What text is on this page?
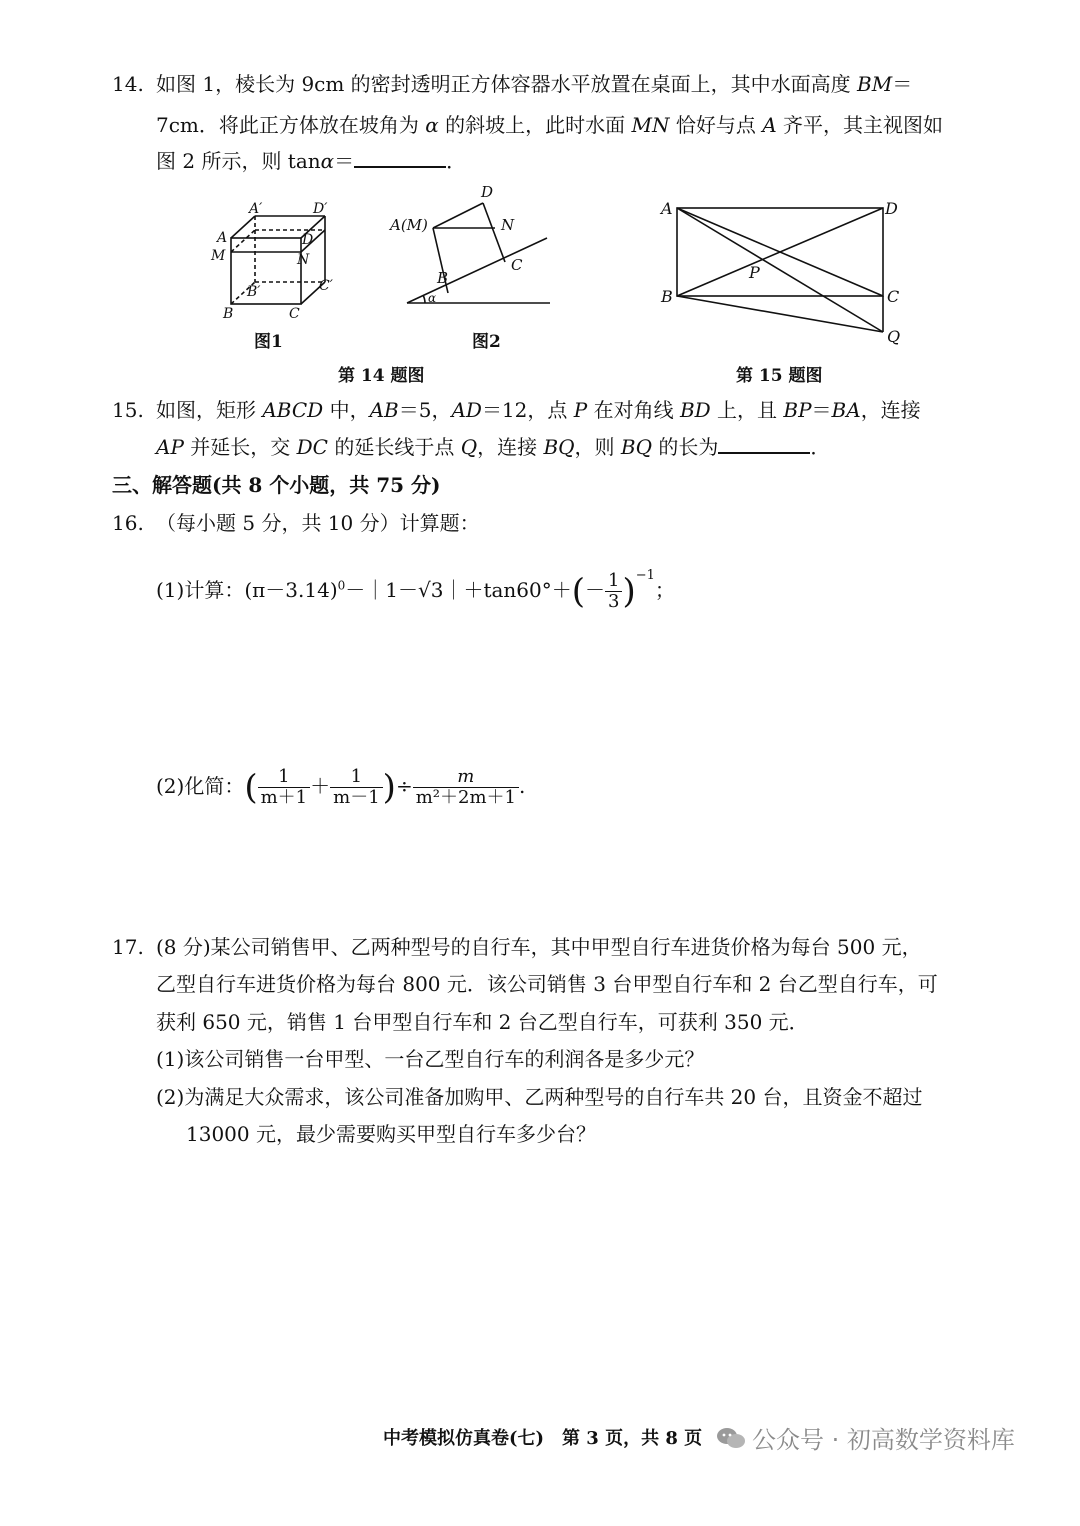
14. 如图 1，棱长为 9cm 的密封透明正方体容器水平放置在桌面上，其中水面高度 BM＝
7cm．将此正方体放在坡角为 α 的斜坡上，此时水面 MN 恰好与点 A 齐平，其主视图如
图 2 所示，则 tanα＝	．
A′	D′
A
M
D
N
B′	C′
B	C
图1
D
A(M)	N
B
C
α
图2
A	D
P
B	C
Q
第 14 题图	第 15 题图
15. 如图，矩形 ABCD 中，AB＝5，AD＝12，点 P 在对角线 BD 上，且 BP＝BA，连接
AP 并延长，交 DC 的延长线于点 Q，连接 BQ，则 BQ 的长为	．
三、解答题(共 8 个小题，共 75 分)
16. （每小题 5 分，共 10 分）计算题：
(1)计算：$(\pi-3.14)^0-|1-√3|+\tan 60^\circ+(- \frac{1}{3} )^{-1}$；
(2)化简：( $\frac{1}{m+1} + \frac{1}{m-1}$ )÷ $\frac{m}{\text{m²＋2m＋1}}$ .
17. (8 分)某公司销售甲、乙两种型号的自行车，其中甲型自行车进货价格为每台 500 元，
乙型自行车进货价格为每台 800 元．该公司销售 3 台甲型自行车和 2 台乙型自行车，可
获利 650 元，销售 1 台甲型自行车和 2 台乙型自行车，可获利 350 元．
(1)该公司销售一台甲型、一台乙型自行车的利润各是多少元？
(2)为满足大众需求，该公司准备加购甲、乙两种型号的自行车共 20 台，且资金不超过
13000 元，最少需要购买甲型自行车多少台？
中考模拟仿真卷(七)　第 3 页，共 8 页 公众号 · 初高数学资料库
